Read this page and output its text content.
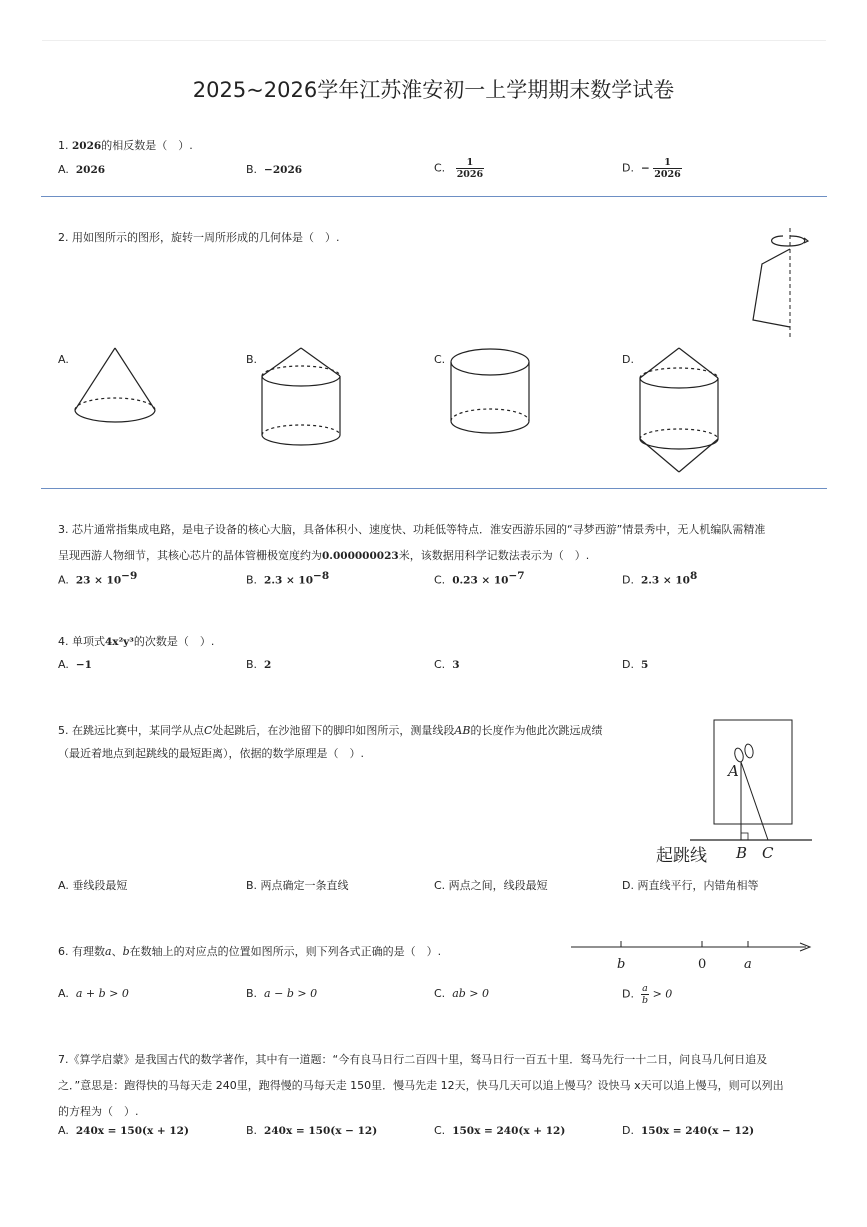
2025~2026学年江苏淮安初一上学期期末数学试卷
1. 2026的相反数是（　）.
A. 2026	B. −2026	C. $\frac{1}{2026}$	D. − $\frac{1}{2026}$
2. 用如图所示的图形，旋转一周所形成的几何体是（　）.
A.	B.	C.	D.
3. 芯片通常指集成电路，是电子设备的核心大脑，具备体积小、速度快、功耗低等特点．淮安西游乐园的“寻梦西游”情景秀中，无人机编队需精准
呈现西游人物细节，其核心芯片的晶体管栅极宽度约为0.000000023米，该数据用科学记数法表示为（　）.
A. $23 \times 10^{-9}$	B. $2.3 \times 10^{-8}$	C. $0.23 \times 10^{-7}$	D. $2.3 \times 10^8$
4. 单项式4x²y³的次数是（　）.
A. −1	B. 2	C. 3	D. 5
5. 在跳远比赛中，某同学从点C处起跳后，在沙池留下的脚印如图所示，测量线段AB的长度作为他此次跳远成绩
（最近着地点到起跳线的最短距离），依据的数学原理是（　）.
A
起跳线 B C
A. 垂线段最短	B. 两点确定一条直线	C. 两点之间，线段最短	D. 两直线平行，内错角相等
6. 有理数a、b在数轴上的对应点的位置如图所示，则下列各式正确的是（　）.
b	0	a
A. a + b > 0	B. a − b > 0	C. ab > 0	D. $\frac{a}{b} > 0$
7.《算学启蒙》是我国古代的数学著作，其中有一道题：“今有良马日行二百四十里，驽马日行一百五十里．驽马先行一十二日，问良马几何日追及
之．”意思是：跑得快的马每天走 240里，跑得慢的马每天走 150里．慢马先走 12天，快马几天可以追上慢马？设快马 x天可以追上慢马，则可以列出
的方程为（　）.
A. 240x = 150(x + 12)	B. 240x = 150(x − 12)	C. 150x = 240(x + 12)	D. 150x = 240(x − 12)
